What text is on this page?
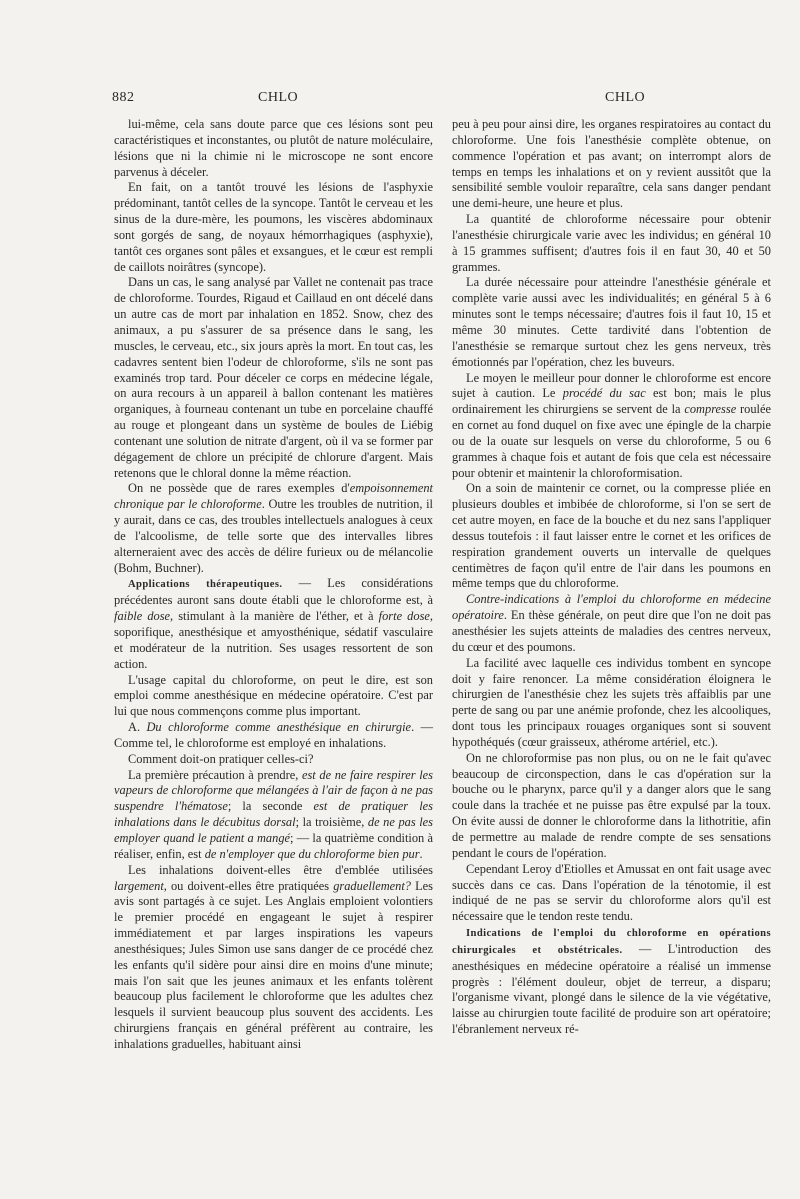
882	CHLO	CHLO

lui-même, cela sans doute parce que ces lésions sont peu caractéristiques et inconstantes, ou plutôt de nature moléculaire, lésions que ni la chimie ni le microscope ne sont encore parvenus à déceler.

En fait, on a tantôt trouvé les lésions de l'asphyxie prédominant, tantôt celles de la syncope. Tantôt le cerveau et les sinus de la dure-mère, les poumons, les viscères abdominaux sont gorgés de sang, de noyaux hémorrhagiques (asphyxie), tantôt ces organes sont pâles et exsangues, et le cœur est rempli de caillots noirâtres (syncope).

Dans un cas, le sang analysé par Vallet ne contenait pas trace de chloroforme. Tourdes, Rigaud et Caillaud en ont décelé dans un autre cas de mort par inhalation en 1852. Snow, chez des animaux, a pu s'assurer de sa présence dans le sang, les muscles, le cerveau, etc., six jours après la mort. En tout cas, les cadavres sentent bien l'odeur de chloroforme, s'ils ne sont pas examinés trop tard. Pour déceler ce corps en médecine légale, on aura recours à un appareil à ballon contenant les matières organiques, à fourneau contenant un tube en porcelaine chauffé au rouge et plongeant dans un système de boules de Liébig contenant une solution de nitrate d'argent, où il va se former par dégagement de chlore un précipité de chlorure d'argent. Mais retenons que le chloral donne la même réaction.

On ne possède que de rares exemples d'empoisonnement chronique par le chloroforme. Outre les troubles de nutrition, il y aurait, dans ce cas, des troubles intellectuels analogues à ceux de l'alcoolisme, de telle sorte que des intervalles libres alterneraient avec des accès de délire furieux ou de mélancolie (Bohm, Buchner).

Applications thérapeutiques. — Les considérations précédentes auront sans doute établi que le chloroforme est, à faible dose, stimulant à la manière de l'éther, et à forte dose, soporifique, anesthésique et amyosthénique, sédatif vasculaire et modérateur de la nutrition. Ses usages ressortent de son action.

L'usage capital du chloroforme, on peut le dire, est son emploi comme anesthésique en médecine opératoire. C'est par lui que nous commençons comme plus important.

A. Du chloroforme comme anesthésique en chirurgie. — Comme tel, le chloroforme est employé en inhalations.

Comment doit-on pratiquer celles-ci?

La première précaution à prendre, est de ne faire respirer les vapeurs de chloroforme que mélangées à l'air de façon à ne pas suspendre l'hématose; la seconde est de pratiquer les inhalations dans le décubitus dorsal; la troisième, de ne pas les employer quand le patient a mangé; — la quatrième condition à réaliser, enfin, est de n'employer que du chloroforme bien pur.

Les inhalations doivent-elles être d'emblée utilisées largement, ou doivent-elles être pratiquées graduellement? Les avis sont partagés à ce sujet. Les Anglais emploient volontiers le premier procédé en engageant le sujet à respirer immédiatement et par larges inspirations les vapeurs anesthésiques; Jules Simon use sans danger de ce procédé chez les enfants qu'il sidère pour ainsi dire en moins d'une minute; mais l'on sait que les jeunes animaux et les enfants tolèrent beaucoup plus facilement le chloroforme que les adultes chez lesquels il survient beaucoup plus souvent des accidents. Les chirurgiens français en général préfèrent au contraire, les inhalations graduelles, habituant ainsi

peu à peu pour ainsi dire, les organes respiratoires au contact du chloroforme. Une fois l'anesthésie complète obtenue, on commence l'opération et pas avant; on interrompt alors de temps en temps les inhalations et on y revient aussitôt que la sensibilité semble vouloir reparaître, cela sans danger pendant une demi-heure, une heure et plus.

La quantité de chloroforme nécessaire pour obtenir l'anesthésie chirurgicale varie avec les individus; en général 10 à 15 grammes suffisent; d'autres fois il en faut 30, 40 et 50 grammes.

La durée nécessaire pour atteindre l'anesthésie générale et complète varie aussi avec les individualités; en général 5 à 6 minutes sont le temps nécessaire; d'autres fois il faut 10, 15 et même 30 minutes. Cette tardivité dans l'obtention de l'anesthésie se remarque surtout chez les gens nerveux, très émotionnés par l'opération, chez les buveurs.

Le moyen le meilleur pour donner le chloroforme est encore sujet à caution. Le procédé du sac est bon; mais le plus ordinairement les chirurgiens se servent de la compresse roulée en cornet au fond duquel on fixe avec une épingle de la charpie ou de la ouate sur lesquels on verse du chloroforme, 5 ou 6 grammes à chaque fois et autant de fois que cela est nécessaire pour obtenir et maintenir la chloroformisation.

On a soin de maintenir ce cornet, ou la compresse pliée en plusieurs doubles et imbibée de chloroforme, si l'on se sert de cet autre moyen, en face de la bouche et du nez sans l'appliquer dessus toutefois : il faut laisser entre le cornet et les orifices de respiration grandement ouverts un intervalle de quelques centimètres de façon qu'il entre de l'air dans les poumons en même temps que du chloroforme.

Contre-indications à l'emploi du chloroforme en médecine opératoire. En thèse générale, on peut dire que l'on ne doit pas anesthésier les sujets atteints de maladies des centres nerveux, du cœur et des poumons.

La facilité avec laquelle ces individus tombent en syncope doit y faire renoncer. La même considération éloignera le chirurgien de l'anesthésie chez les sujets très affaiblis par une perte de sang ou par une anémie profonde, chez les alcooliques, dont tous les principaux rouages organiques sont si souvent hypothéqués (cœur graisseux, athérome artériel, etc.).

On ne chloroformise pas non plus, ou on ne le fait qu'avec beaucoup de circonspection, dans le cas d'opération sur la bouche ou le pharynx, parce qu'il y a danger alors que le sang coule dans la trachée et ne puisse pas être expulsé par la toux. On évite aussi de donner le chloroforme dans la lithotritie, afin de permettre au malade de rendre compte de ses sensations pendant le cours de l'opération.

Cependant Leroy d'Etiolles et Amussat en ont fait usage avec succès dans ce cas. Dans l'opération de la ténotomie, il est indiqué de ne pas se servir du chloroforme alors qu'il est nécessaire que le tendon reste tendu.

Indications de l'emploi du chloroforme en opérations chirurgicales et obstétricales. — L'introduction des anesthésiques en médecine opératoire a réalisé un immense progrès : l'élément douleur, objet de terreur, a disparu; l'organisme vivant, plongé dans le silence de la vie végétative, laisse au chirurgien toute facilité de produire son art opératoire; l'ébranlement nerveux ré-
